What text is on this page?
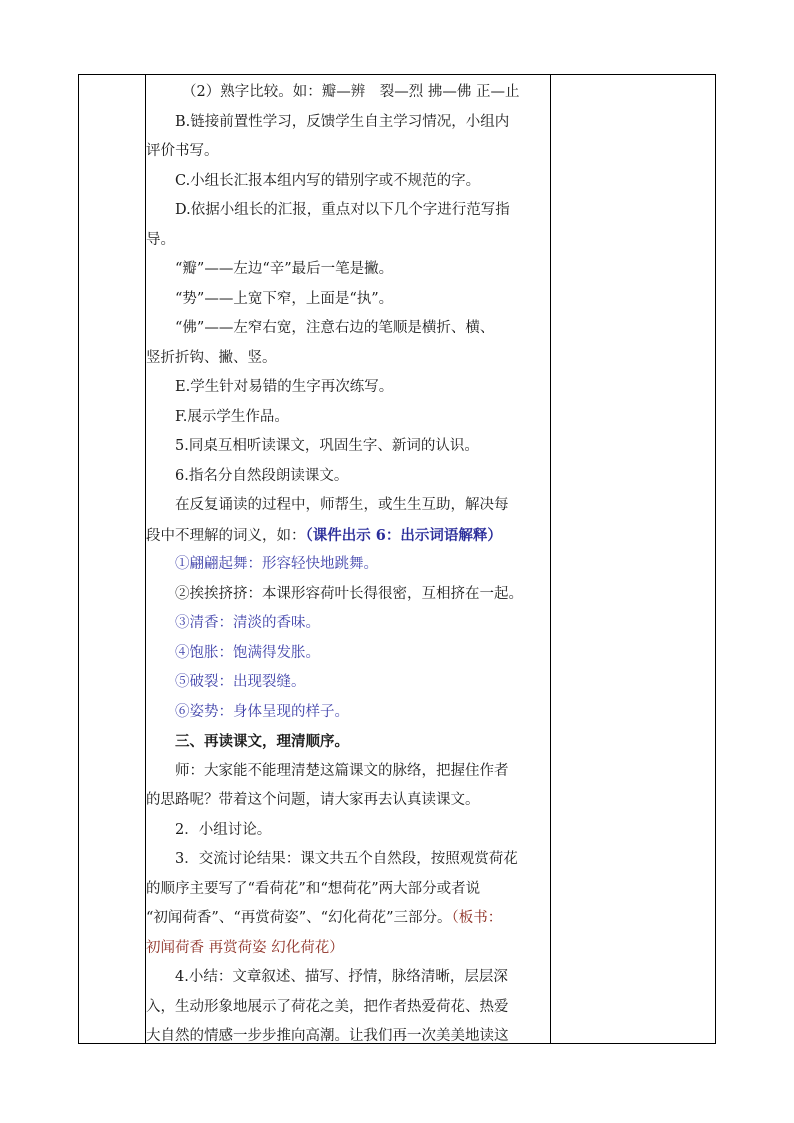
（2）熟字比较。如：瓣—辨　裂—烈 拂—佛 正—止
B.链接前置性学习，反馈学生自主学习情况，小组内
评价书写。
C.小组长汇报本组内写的错别字或不规范的字。
D.依据小组长的汇报，重点对以下几个字进行范写指
导。
“瓣”——左边“辛”最后一笔是撇。
“势”——上宽下窄，上面是“执”。
“佛”——左窄右宽，注意右边的笔顺是横折、横、
竖折折钩、撇、竖。
E.学生针对易错的生字再次练写。
F.展示学生作品。
5.同桌互相听读课文，巩固生字、新词的认识。
6.指名分自然段朗读课文。
在反复诵读的过程中，师帮生，或生生互助，解决每
段中不理解的词义，如：（课件出示 6：出示词语解释）
①翩翩起舞：形容轻快地跳舞。
②挨挨挤挤：本课形容荷叶长得很密，互相挤在一起。
③清香：清淡的香味。
④饱胀：饱满得发胀。
⑤破裂：出现裂缝。
⑥姿势：身体呈现的样子。
三、再读课文，理清顺序。
师：大家能不能理清楚这篇课文的脉络，把握住作者
的思路呢？带着这个问题，请大家再去认真读课文。
2．小组讨论。
3．交流讨论结果：课文共五个自然段，按照观赏荷花
的顺序主要写了“看荷花”和“想荷花”两大部分或者说
“初闻荷香”、“再赏荷姿”、“幻化荷花”三部分。（板书：
初闻荷香 再赏荷姿 幻化荷花）
4.小结：文章叙述、描写、抒情，脉络清晰，层层深
入，生动形象地展示了荷花之美，把作者热爱荷花、热爱
大自然的情感一步步推向高潮。让我们再一次美美地读这
